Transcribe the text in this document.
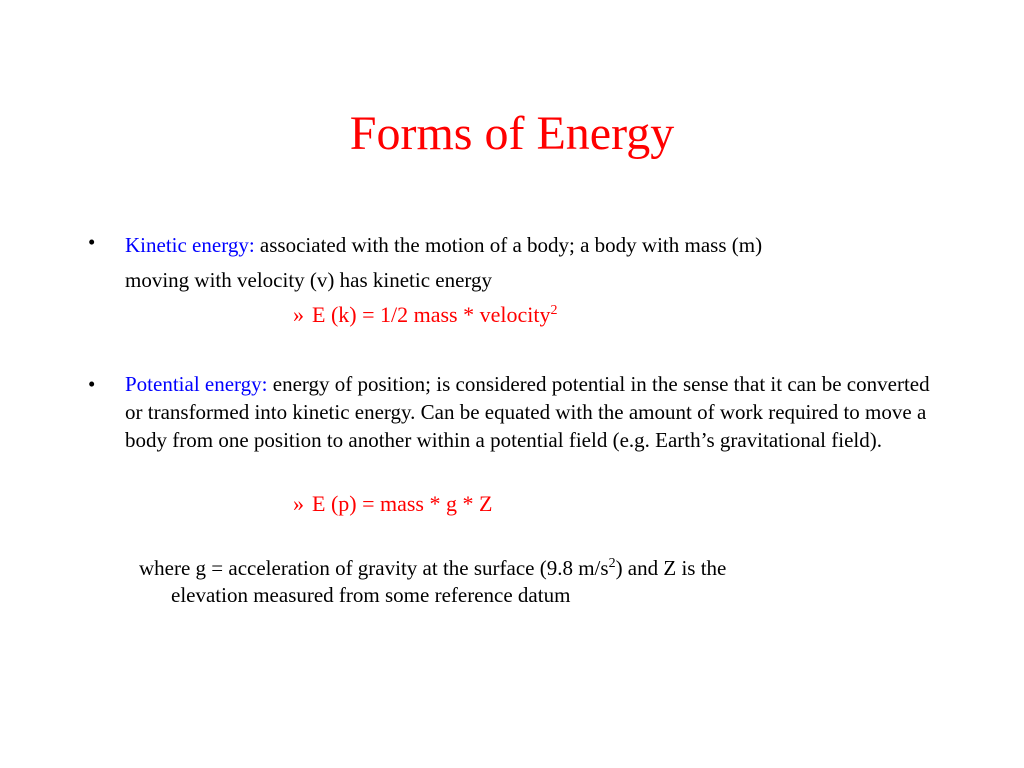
Forms of Energy
• Kinetic energy: associated with the motion of a body; a body with mass (m)
moving with velocity (v) has kinetic energy
» E (k) = 1/2 mass * velocity$^2$
• Potential energy: energy of position; is considered potential in the sense that it can be converted or transformed into kinetic energy. Can be equated with the amount of work required to move a body from one position to another within a potential field (e.g. Earth’s gravitational field).
» E (p) = mass * g * Z
where g = acceleration of gravity at the surface (9.8 $m/s^2$) and Z is the
elevation measured from some reference datum
